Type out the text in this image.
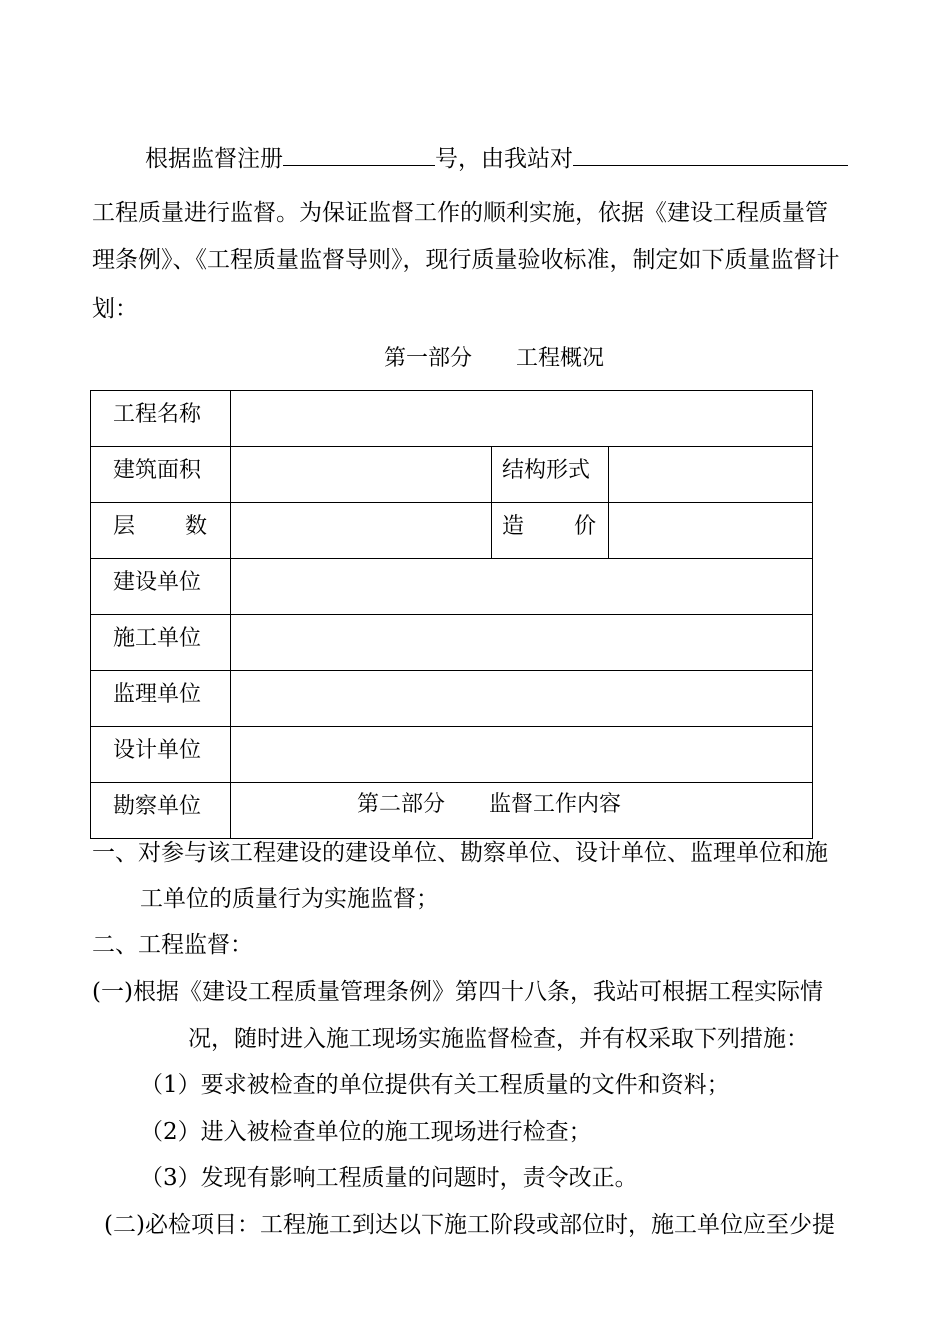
根据监督注册	号，由我站对
工程质量进行监督。为保证监督工作的顺利实施，依据《建设工程质量管
理条例》、《工程质量监督导则》，现行质量验收标准，制定如下质量监督计
划：
第一部分　　工程概况
工程名称			
建筑面积		结构形式	

层 数		造 价	

建设单位			
施工单位			
监理单位			
设计单位			
勘察单位				第二部分　　监督工作内容
一、对参与该工程建设的建设单位、勘察单位、设计单位、监理单位和施
工单位的质量行为实施监督；
二、工程监督：
(一)根据《建设工程质量管理条例》第四十八条，我站可根据工程实际情
况，随时进入施工现场实施监督检查，并有权采取下列措施：
（1）要求被检查的单位提供有关工程质量的文件和资料；
（2）进入被检查单位的施工现场进行检查；
（3）发现有影响工程质量的问题时，责令改正。
(二)必检项目：工程施工到达以下施工阶段或部位时，施工单位应至少提
